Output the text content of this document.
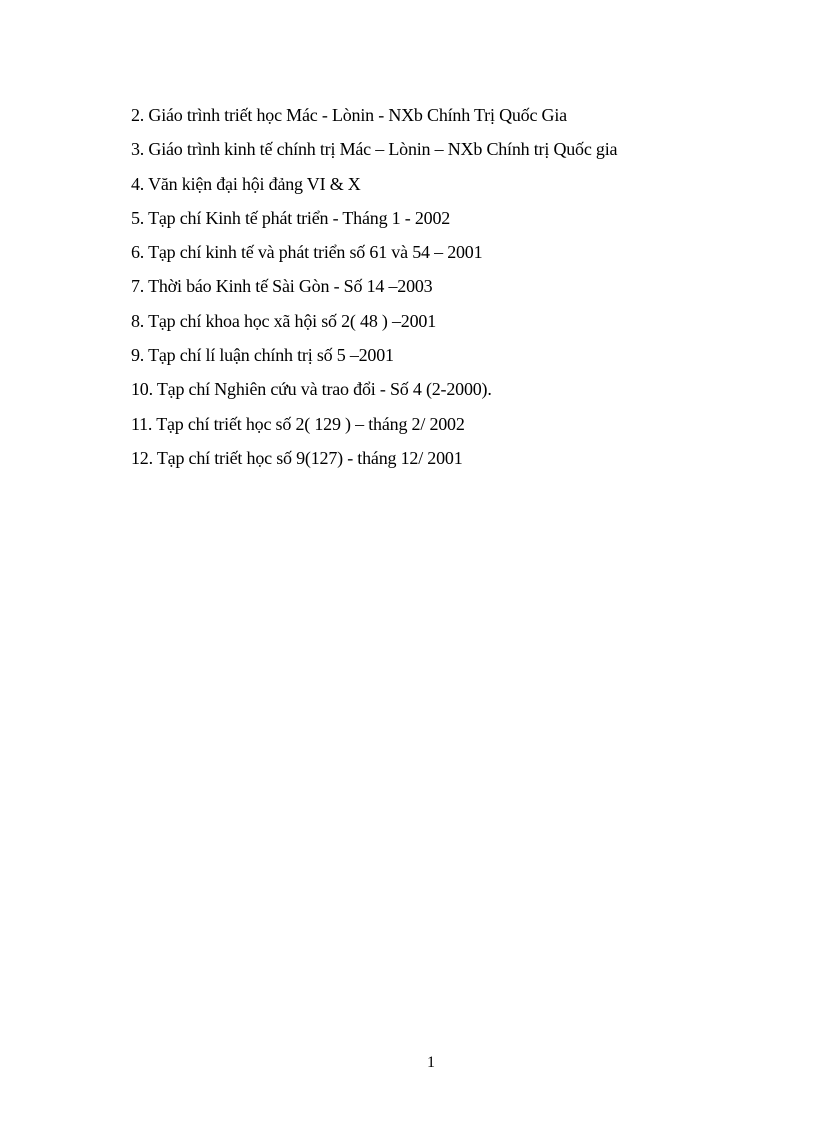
2. Giáo trình triết học Mác - Lònin - NXb Chính Trị Quốc Gia
3. Giáo trình kinh tế chính trị Mác – Lònin – NXb Chính trị Quốc gia
4. Văn kiện đại hội đảng VI & X
5. Tạp chí Kinh tế phát triển - Tháng 1 - 2002
6. Tạp chí kinh tế và phát triển số 61 và 54 – 2001
7. Thời báo Kinh tế Sài Gòn - Số 14 –2003
8. Tạp chí khoa học xã hội số 2( 48 ) –2001
9. Tạp chí lí luận chính trị số 5 –2001
10. Tạp chí Nghiên cứu và trao đổi - Số 4 (2-2000).
11. Tạp chí triết học số 2( 129 ) – tháng 2/ 2002
12. Tạp chí triết học số 9(127) - tháng 12/ 2001
1
